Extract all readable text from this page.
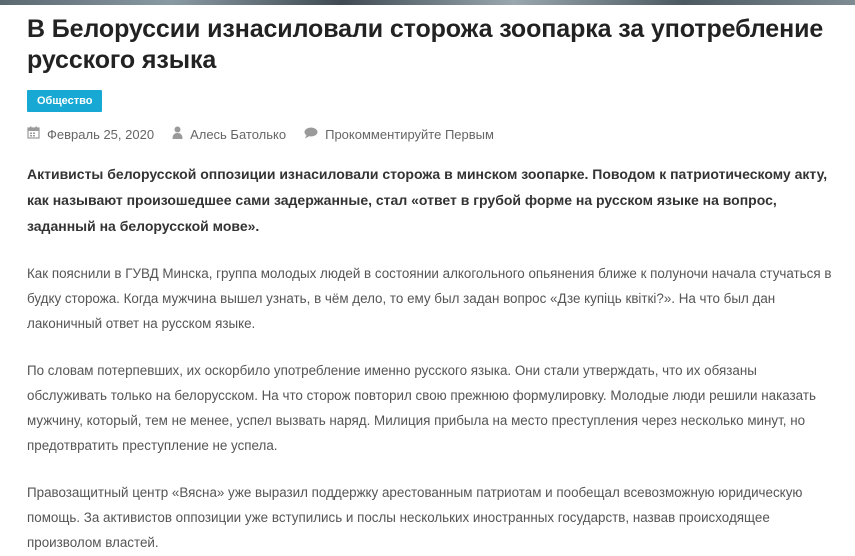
В Белоруссии изнасиловали сторожа зоопарка за употребление русского языка
Общество
Февраль 25, 2020	Алесь Батолько	Прокомментируйте Первым

Активисты белорусской оппозиции изнасиловали сторожа в минском зоопарке. Поводом к патриотическому акту, как называют произошедшее сами задержанные, стал «ответ в грубой форме на русском языке на вопрос, заданный на белорусской мове».

Как пояснили в ГУВД Минска, группа молодых людей в состоянии алкогольного опьянения ближе к полуночи начала стучаться в будку сторожа. Когда мужчина вышел узнать, в чём дело, то ему был задан вопрос «Дзе купіць квіткі?». На что был дан лаконичный ответ на русском языке.

По словам потерпевших, их оскорбило употребление именно русского языка. Они стали утверждать, что их обязаны обслуживать только на белорусском. На что сторож повторил свою прежнюю формулировку. Молодые люди решили наказать мужчину, который, тем не менее, успел вызвать наряд. Милиция прибыла на место преступления через несколько минут, но предотвратить преступление не успела.

Правозащитный центр «Вясна» уже выразил поддержку арестованным патриотам и пообещал всевозможную юридическую помощь. За активистов оппозиции уже вступились и послы нескольких иностранных государств, назвав происходящее произволом властей.
